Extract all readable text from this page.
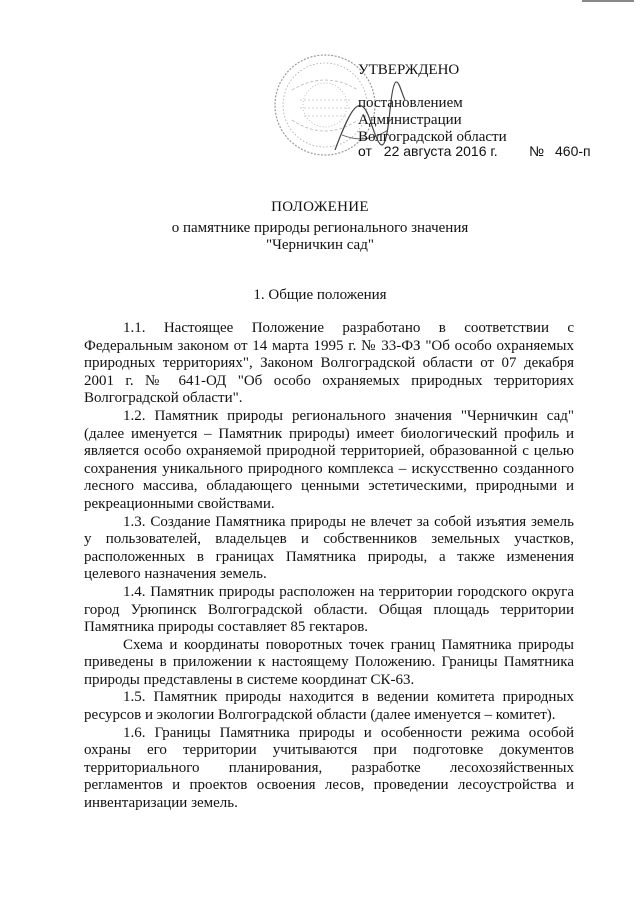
УТВЕРЖДЕНО
постановлением
Администрации
Волгоградской области
от 22 августа 2016 г. № 460-п
ПОЛОЖЕНИЕ
о памятнике природы регионального значения
"Черничкин сад"
1. Общие положения

1.1. Настоящее Положение разработано в соответствии с Федеральным законом от 14 марта 1995 г. № 33-ФЗ "Об особо охраняемых природных территориях", Законом Волгоградской области от 07 декабря 2001 г. № 641-ОД "Об особо охраняемых природных территориях Волгоградской области".

1.2. Памятник природы регионального значения "Черничкин сад" (далее именуется – Памятник природы) имеет биологический профиль и является особо охраняемой природной территорией, образованной с целью сохранения уникального природного комплекса – искусственно созданного лесного массива, обладающего ценными эстетическими, природными и рекреационными свойствами.

1.3. Создание Памятника природы не влечет за собой изъятия земель у пользователей, владельцев и собственников земельных участков, расположенных в границах Памятника природы, а также изменения целевого назначения земель.

1.4. Памятник природы расположен на территории городского округа город Урюпинск Волгоградской области. Общая площадь территории Памятника природы составляет 85 гектаров.

Схема и координаты поворотных точек границ Памятника природы приведены в приложении к настоящему Положению. Границы Памятника природы представлены в системе координат СК-63.

1.5. Памятник природы находится в ведении комитета природных ресурсов и экологии Волгоградской области (далее именуется – комитет).

1.6. Границы Памятника природы и особенности режима особой охраны его территории учитываются при подготовке документов территориального планирования, разработке лесохозяйственных регламентов и проектов освоения лесов, проведении лесоустройства и инвентаризации земель.
